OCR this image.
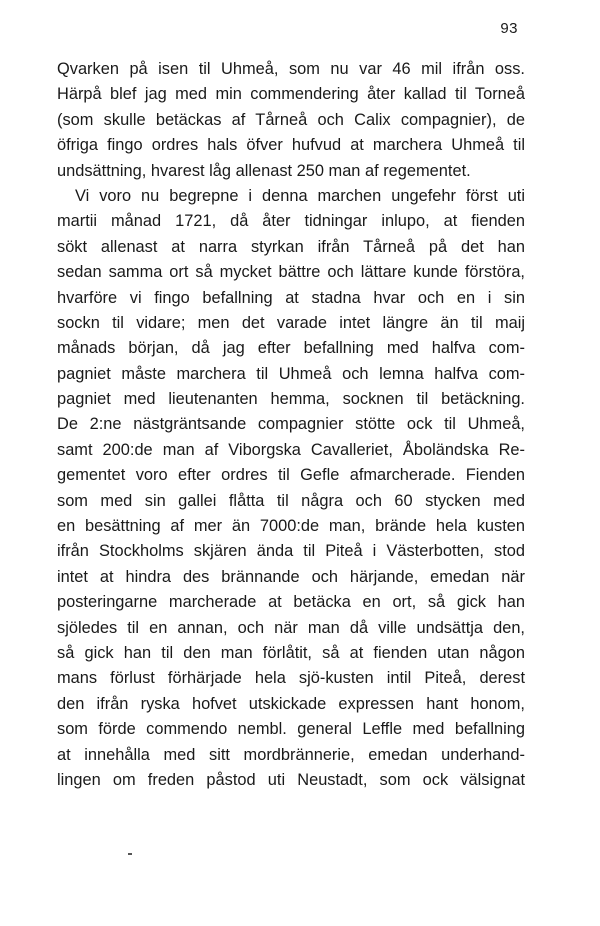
93
Qvarken på isen til Uhmeå, som nu var 46 mil ifrån oss.
Härpå blef jag med min commendering åter kallad til Torneå
(som skulle betäckas af Tårneå och Calix compagnier), de
öfriga fingo ordres hals öfver hufvud at marchera Uhmeå til
undsättning, hvarest låg allenast 250 man af regementet.
Vi voro nu begrepne i denna marchen ungefehr först uti
martii månad 1721, då åter tidningar inlupo, at fienden
sökt allenast at narra styrkan ifrån Tårneå på det han
sedan samma ort så mycket bättre och lättare kunde förstöra,
hvarföre vi fingo befallning at stadna hvar och en i sin
sockn til vidare; men det varade intet längre än til maij
månads början, då jag efter befallning med halfva com-
pagniet måste marchera til Uhmeå och lemna halfva com-
pagniet med lieutenanten hemma, socknen til betäckning.
De 2:ne nästgräntsande compagnier stötte ock til Uhmeå,
samt 200:de man af Viborgska Cavalleriet, Åboländska Re-
gementet voro efter ordres til Gefle afmarcherade. Fienden
som med sin gallei flåtta til några och 60 stycken med
en besättning af mer än 7000:de man, brände hela kusten
ifrån Stockholms skjären ända til Piteå i Västerbotten, stod
intet at hindra des brännande och härjande, emedan när
posteringarne marcherade at betäcka en ort, så gick han
sjöledes til en annan, och när man då ville undsättja den,
så gick han til den man förlåtit, så at fienden utan någon
mans förlust förhärjade hela sjö-kusten intil Piteå, derest
den ifrån ryska hofvet utskickade expressen hant honom,
som förde commendo nembl. general Leffle med befallning
at innehålla med sitt mordbrännerie, emedan underhand-
lingen om freden påstod uti Neustadt, som ock välsignat
